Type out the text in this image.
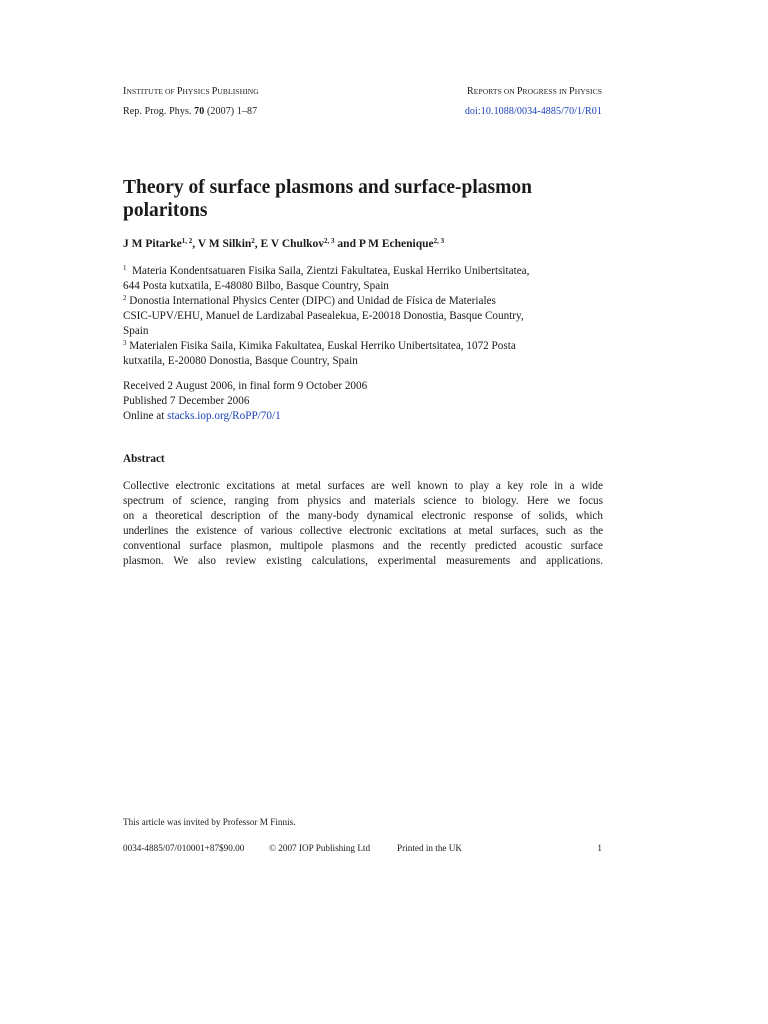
INSTITUTE OF PHYSICS PUBLISHING	REPORTS ON PROGRESS IN PHYSICS
Rep. Prog. Phys. 70 (2007) 1–87	doi:10.1088/0034-4885/70/1/R01
Theory of surface plasmons and surface-plasmon
polaritons
J M Pitarke$^{1, 2}$, V M Silkin$^2$, E V Chulkov$^{2, 3}$ and P M Echenique$^{2, 3}$
$^1$ Materia Kondentsatuaren Fisika Saila, Zientzi Fakultatea, Euskal Herriko Unibertsitatea,
644 Posta kutxatila, E-48080 Bilbo, Basque Country, Spain
$^2$ Donostia International Physics Center (DIPC) and Unidad de Física de Materiales
CSIC-UPV/EHU, Manuel de Lardizabal Pasealekua, E-20018 Donostia, Basque Country,
Spain
$^3$ Materialen Fisika Saila, Kimika Fakultatea, Euskal Herriko Unibertsitatea, 1072 Posta
kutxatila, E-20080 Donostia, Basque Country, Spain
Received 2 August 2006, in final form 9 October 2006
Published 7 December 2006
Online at stacks.iop.org/RoPP/70/1
Abstract
Collective electronic excitations at metal surfaces are well known to play a key role in a wide
spectrum of science, ranging from physics and materials science to biology. Here we focus
on a theoretical description of the many-body dynamical electronic response of solids, which
underlines the existence of various collective electronic excitations at metal surfaces, such as the
conventional surface plasmon, multipole plasmons and the recently predicted acoustic surface
plasmon. We also review existing calculations, experimental measurements and applications.
This article was invited by Professor M Finnis.
0034-4885/07/010001+87$90.00	© 2007 IOP Publishing Ltd	Printed in the UK	1
